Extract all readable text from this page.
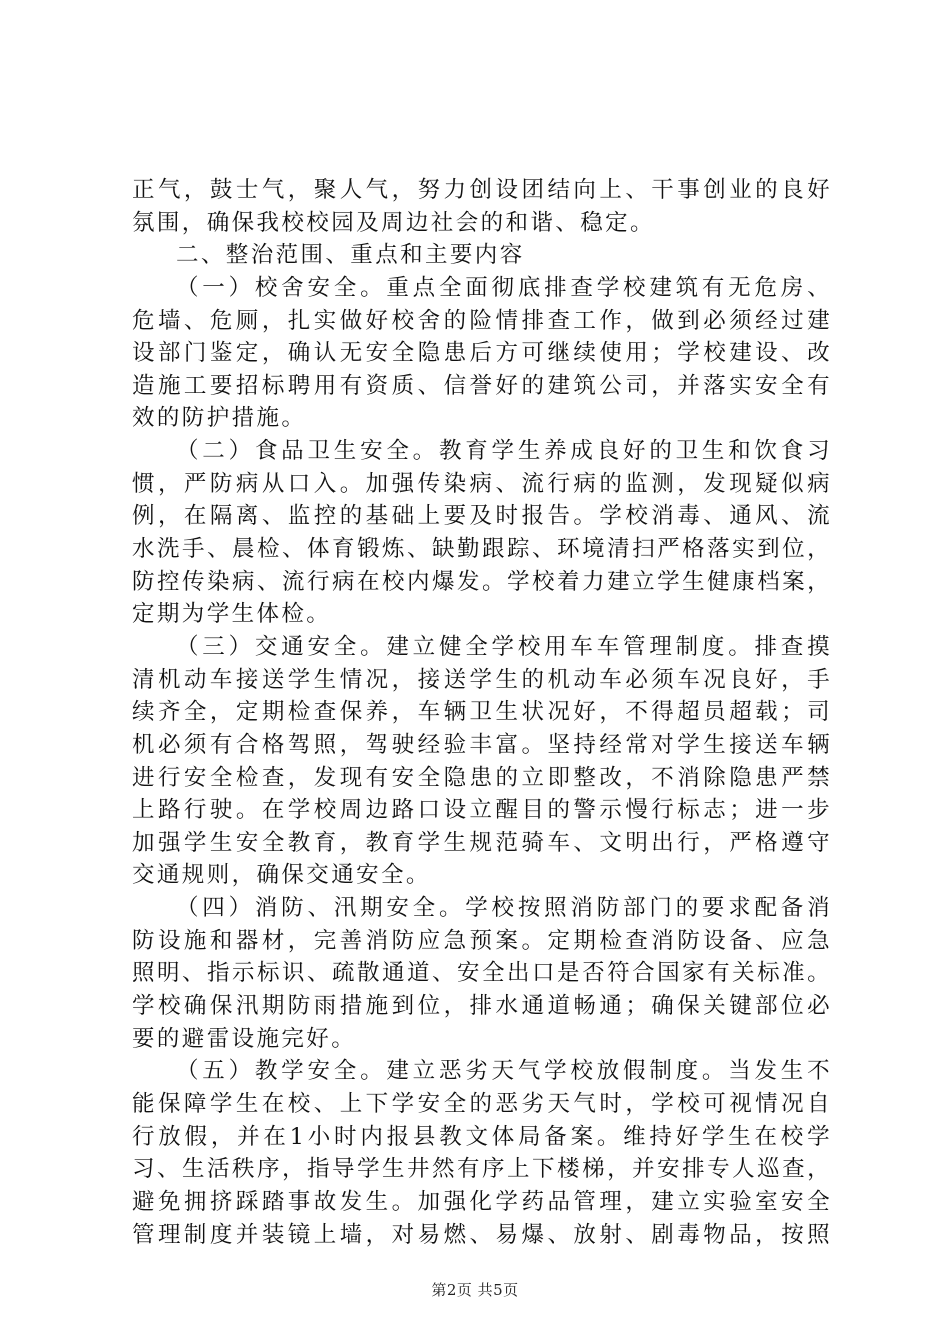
正气，鼓士气，聚人气，努力创设团结向上、干事创业的良好
氛围，确保我校校园及周边社会的和谐、稳定。
二、整治范围、重点和主要内容
（一）校舍安全。重点全面彻底排查学校建筑有无危房、
危墙、危厕，扎实做好校舍的险情排查工作，做到必须经过建
设部门鉴定，确认无安全隐患后方可继续使用；学校建设、改
造施工要招标聘用有资质、信誉好的建筑公司，并落实安全有
效的防护措施。
（二）食品卫生安全。教育学生养成良好的卫生和饮食习
惯，严防病从口入。加强传染病、流行病的监测，发现疑似病
例，在隔离、监控的基础上要及时报告。学校消毒、通风、流
水洗手、晨检、体育锻炼、缺勤跟踪、环境清扫严格落实到位，
防控传染病、流行病在校内爆发。学校着力建立学生健康档案，
定期为学生体检。
（三）交通安全。建立健全学校用车车管理制度。排查摸
清机动车接送学生情况，接送学生的机动车必须车况良好，手
续齐全，定期检查保养，车辆卫生状况好，不得超员超载；司
机必须有合格驾照，驾驶经验丰富。坚持经常对学生接送车辆
进行安全检查，发现有安全隐患的立即整改，不消除隐患严禁
上路行驶。在学校周边路口设立醒目的警示慢行标志；进一步
加强学生安全教育，教育学生规范骑车、文明出行，严格遵守
交通规则，确保交通安全。
（四）消防、汛期安全。学校按照消防部门的要求配备消
防设施和器材，完善消防应急预案。定期检查消防设备、应急
照明、指示标识、疏散通道、安全出口是否符合国家有关标准。
学校确保汛期防雨措施到位，排水通道畅通；确保关键部位必
要的避雷设施完好。
（五）教学安全。建立恶劣天气学校放假制度。当发生不
能保障学生在校、上下学安全的恶劣天气时，学校可视情况自
行放假，并在1小时内报县教文体局备案。维持好学生在校学
习、生活秩序，指导学生井然有序上下楼梯，并安排专人巡查，
避免拥挤踩踏事故发生。加强化学药品管理，建立实验室安全
管理制度并装镜上墙，对易燃、易爆、放射、剧毒物品，按照
第2页 共5页
